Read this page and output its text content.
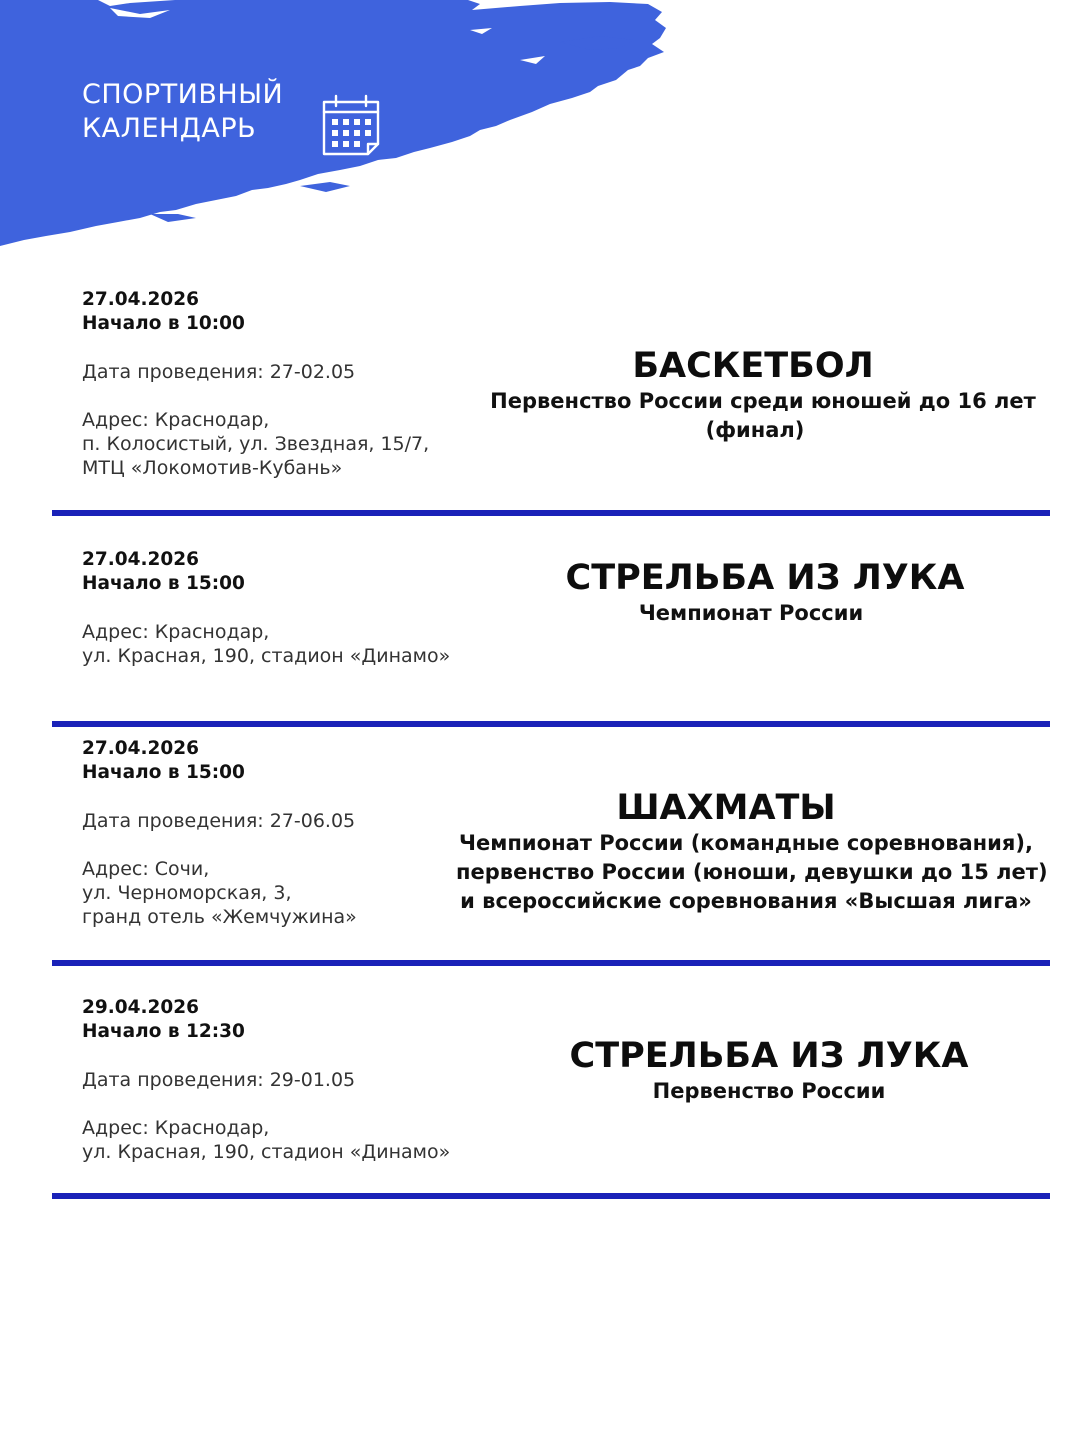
СПОРТИВНЫЙ
КАЛЕНДАРЬ
27.04.2026
Начало в 10:00
Дата проведения: 27-02.05
Адрес: Краснодар,
п. Колосистый, ул. Звездная, 15/7,
МТЦ «Локомотив-Кубань»
БАСКЕТБОЛ
Первенство России среди юношей до 16 лет
(финал)
27.04.2026
Начало в 15:00
Адрес: Краснодар,
ул. Красная, 190, стадион «Динамо»
СТРЕЛЬБА ИЗ ЛУКА
Чемпионат России
27.04.2026
Начало в 15:00
Дата проведения: 27-06.05
Адрес: Сочи,
ул. Черноморская, 3,
гранд отель «Жемчужина»
ШАХМАТЫ
Чемпионат России (командные соревнования),
первенство России (юноши, девушки до 15 лет)
и всероссийские соревнования «Высшая лига»
29.04.2026
Начало в 12:30
Дата проведения: 29-01.05
Адрес: Краснодар,
ул. Красная, 190, стадион «Динамо»
СТРЕЛЬБА ИЗ ЛУКА
Первенство России
